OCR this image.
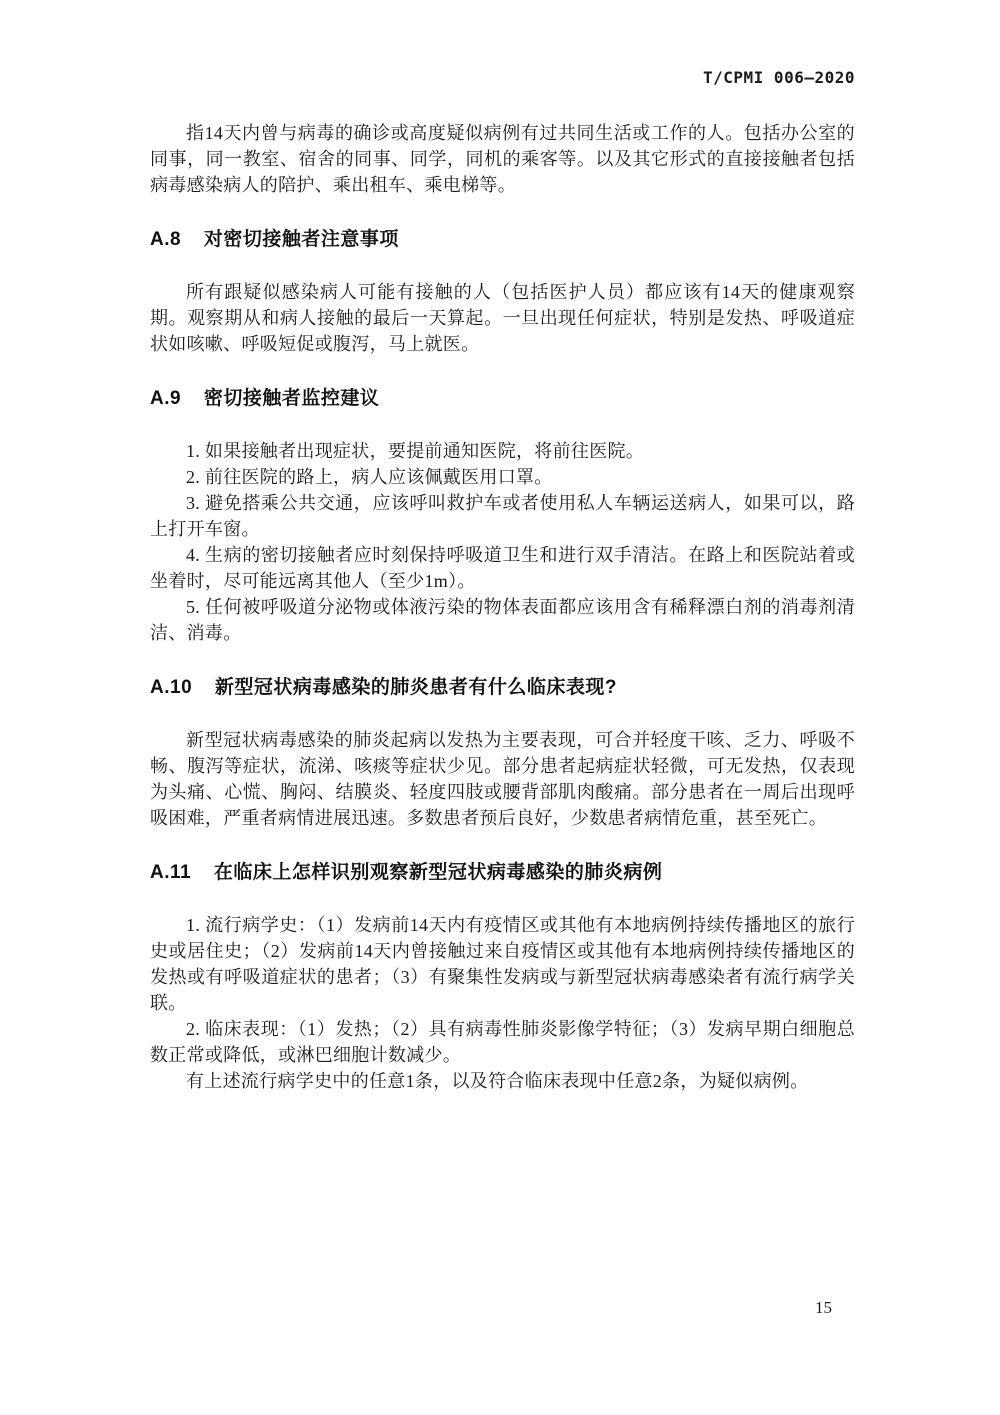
T/CPMI 006—2020

指14天内曾与病毒的确诊或高度疑似病例有过共同生活或工作的人。包括办公室的同事，同一教室、宿舍的同事、同学，同机的乘客等。以及其它形式的直接接触者包括病毒感染病人的陪护、乘出租车、乘电梯等。

A.8 对密切接触者注意事项

所有跟疑似感染病人可能有接触的人（包括医护人员）都应该有14天的健康观察期。观察期从和病人接触的最后一天算起。一旦出现任何症状，特别是发热、呼吸道症状如咳嗽、呼吸短促或腹泻，马上就医。

A.9 密切接触者监控建议

1. 如果接触者出现症状，要提前通知医院，将前往医院。

2. 前往医院的路上，病人应该佩戴医用口罩。

3. 避免搭乘公共交通，应该呼叫救护车或者使用私人车辆运送病人，如果可以，路上打开车窗。

4. 生病的密切接触者应时刻保持呼吸道卫生和进行双手清洁。在路上和医院站着或坐着时，尽可能远离其他人（至少1m）。

5. 任何被呼吸道分泌物或体液污染的物体表面都应该用含有稀释漂白剂的消毒剂清洁、消毒。

A.10 新型冠状病毒感染的肺炎患者有什么临床表现?

新型冠状病毒感染的肺炎起病以发热为主要表现，可合并轻度干咳、乏力、呼吸不畅、腹泻等症状，流涕、咳痰等症状少见。部分患者起病症状轻微，可无发热，仅表现为头痛、心慌、胸闷、结膜炎、轻度四肢或腰背部肌肉酸痛。部分患者在一周后出现呼吸困难，严重者病情进展迅速。多数患者预后良好，少数患者病情危重，甚至死亡。

A.11 在临床上怎样识别观察新型冠状病毒感染的肺炎病例

1. 流行病学史：（1）发病前14天内有疫情区或其他有本地病例持续传播地区的旅行史或居住史；（2）发病前14天内曾接触过来自疫情区或其他有本地病例持续传播地区的发热或有呼吸道症状的患者；（3）有聚集性发病或与新型冠状病毒感染者有流行病学关联。

2. 临床表现：（1）发热；（2）具有病毒性肺炎影像学特征；（3）发病早期白细胞总数正常或降低，或淋巴细胞计数减少。

有上述流行病学史中的任意1条，以及符合临床表现中任意2条，为疑似病例。

15
